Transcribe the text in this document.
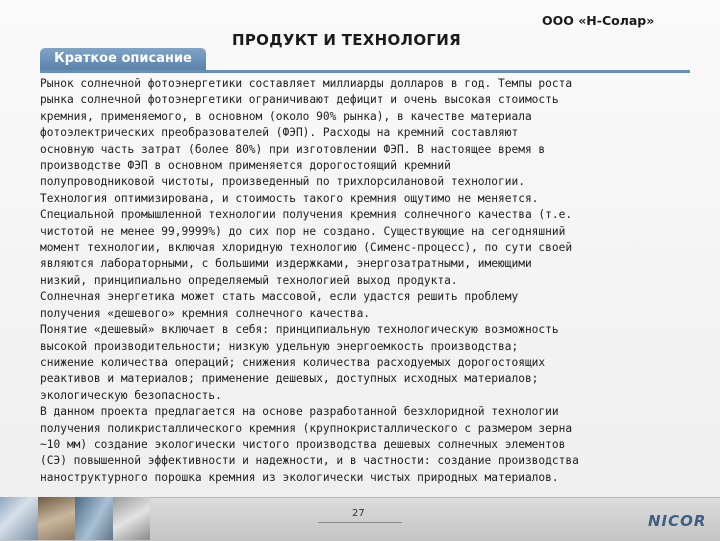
ПРОДУКТ И ТЕХНОЛОГИЯ
ООО «Н-Солар»
Краткое описание
Рынок солнечной фотоэнергетики составляет миллиарды долларов в год. Темпы роста
рынка солнечной фотоэнергетики ограничивают дефицит и очень высокая стоимость
кремния, применяемого, в основном (около 90% рынка), в качестве материала
фотоэлектрических преобразователей (ФЭП). Расходы на кремний составляют
основную часть затрат (более 80%) при изготовлении ФЭП. В настоящее время в
производстве ФЭП в основном применяется дорогостоящий кремний
полупроводниковой чистоты, произведенный по трихлорсилановой технологии.
Технология оптимизирована, и стоимость такого кремния ощутимо не меняется.
Специальной промышленной технологии получения кремния солнечного качества (т.е.
чистотой не менее 99,9999%) до сих пор не создано. Существующие на сегодняшний
момент технологии, включая хлоридную технологию (Сименс-процесс), по сути своей
являются лабораторными, с большими издержками, энергозатратными, имеющими
низкий, принципиально определяемый технологией выход продукта.
Солнечная энергетика может стать массовой, если удастся решить проблему
получения «дешевого» кремния солнечного качества.
Понятие «дешевый» включает в себя: принципиальную технологическую возможность
высокой производительности; низкую удельную энергоемкость производства;
снижение количества операций; снижения количества расходуемых дорогостоящих
реактивов и материалов; применение дешевых, доступных исходных материалов;
экологическую безопасность.
В данном проекта предлагается на основе разработанной безхлоридной технологии
получения поликристаллического кремния (крупнокристаллического с размером зерна
~10 мм) создание экологически чистого производства дешевых солнечных элементов
(СЭ) повышенной эффективности и надежности, и в частности: создание производства
наноструктурного порошка кремния из экологически чистых природных материалов.
27	NICOR
